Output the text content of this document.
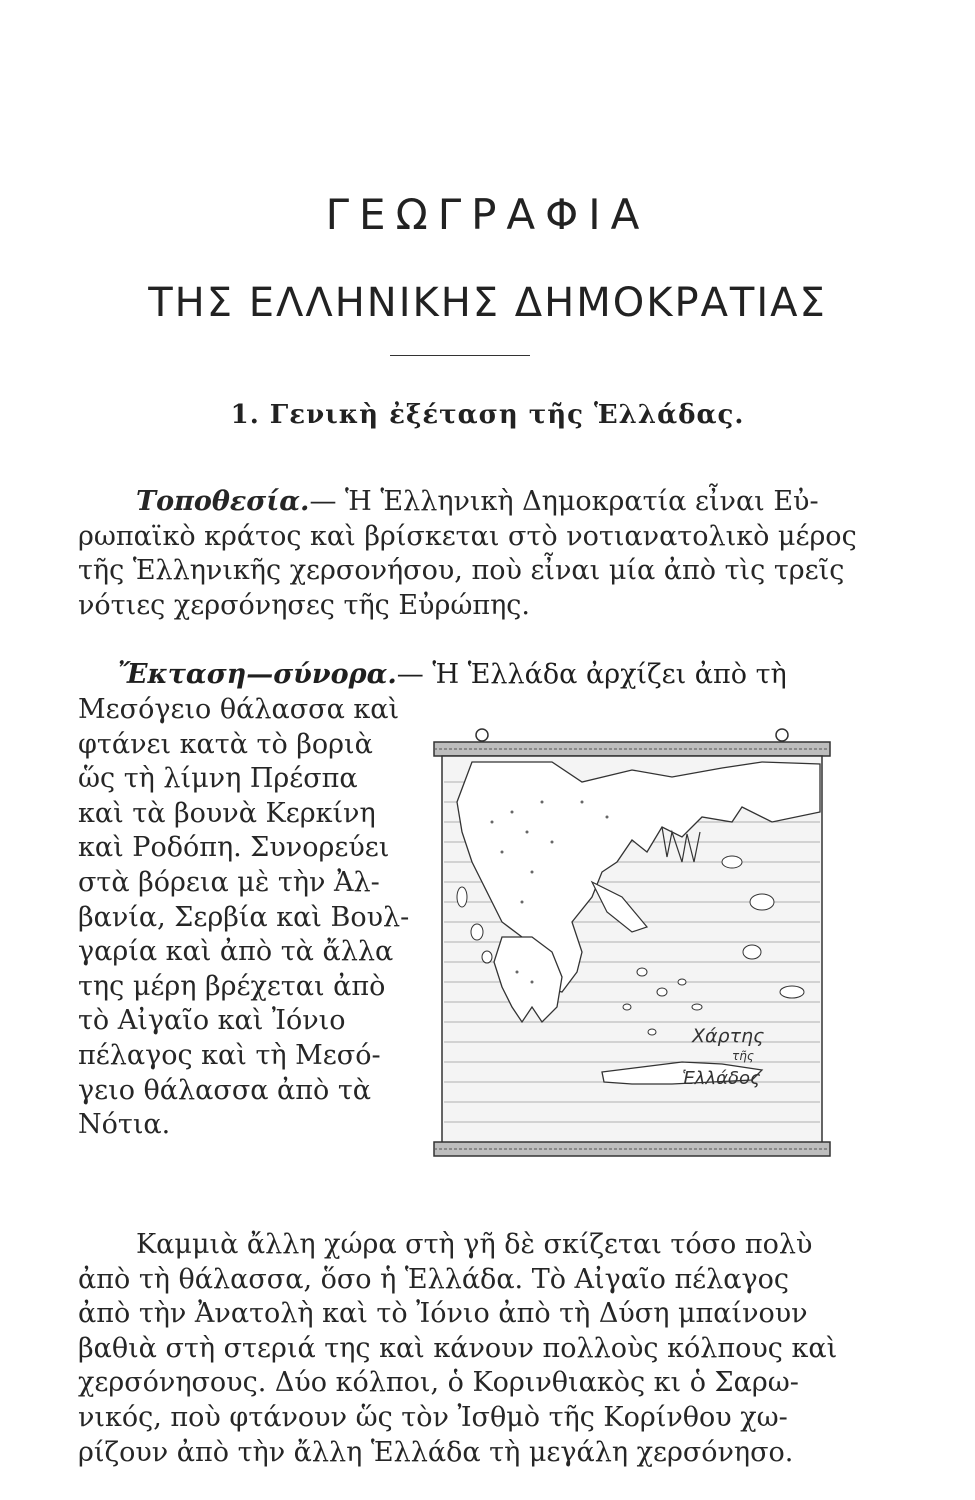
ΓΕΩΓΡΑΦΙΑ
ΤΗΣ ΕΛΛΗΝΙΚΗΣ ΔΗΜΟΚΡΑΤΙΑΣ
1. Γενικὴ ἐξέταση τῆς Ἑλλάδας.
Τοποθεσία.— Ἡ Ἑλληνικὴ Δημοκρατία εἶναι Εὐ-
ρωπαϊκὸ κράτος καὶ βρίσκεται στὸ νοτιανατολικὸ μέρος
τῆς Ἑλληνικῆς χερσονήσου, ποὺ εἶναι μία ἀπὸ τὶς τρεῖς
νότιες χερσόνησες τῆς Εὐρώπης.
Ἔκταση—σύνορα.— Ἡ Ἑλλάδα ἀρχίζει ἀπὸ τὴ
Μεσόγειο θάλασσα καὶ
φτάνει κατὰ τὸ βοριὰ
ὥς τὴ λίμνη Πρέσπα
καὶ τὰ βουνὰ Κερκίνη
καὶ Ροδόπη. Συνορεύει
στὰ βόρεια μὲ τὴν Ἀλ-
βανία, Σερβία καὶ Βουλ-
γαρία καὶ ἀπὸ τὰ ἄλλα
της μέρη βρέχεται ἀπὸ
τὸ Αἰγαῖο καὶ Ἰόνιο
πέλαγος καὶ τὴ Μεσό-
γειο θάλασσα ἀπὸ τὰ
Νότια.
Χάρτης
τῆς
Ἑλλάδος
Καμμιὰ ἄλλη χώρα στὴ γῆ δὲ σκίζεται τόσο πολὺ
ἀπὸ τὴ θάλασσα, ὅσο ἡ Ἑλλάδα. Τὸ Αἰγαῖο πέλαγος
ἀπὸ τὴν Ἀνατολὴ καὶ τὸ Ἰόνιο ἀπὸ τὴ Δύση μπαίνουν
βαθιὰ στὴ στεριά της καὶ κάνουν πολλοὺς κόλπους καὶ
χερσόνησους. Δύο κόλποι, ὁ Κορινθιακὸς κι ὁ Σαρω-
νικός, ποὺ φτάνουν ὥς τὸν Ἰσθμὸ τῆς Κορίνθου χω-
ρίζουν ἀπὸ τὴν ἄλλη Ἑλλάδα τὴ μεγάλη χερσόνησο.
